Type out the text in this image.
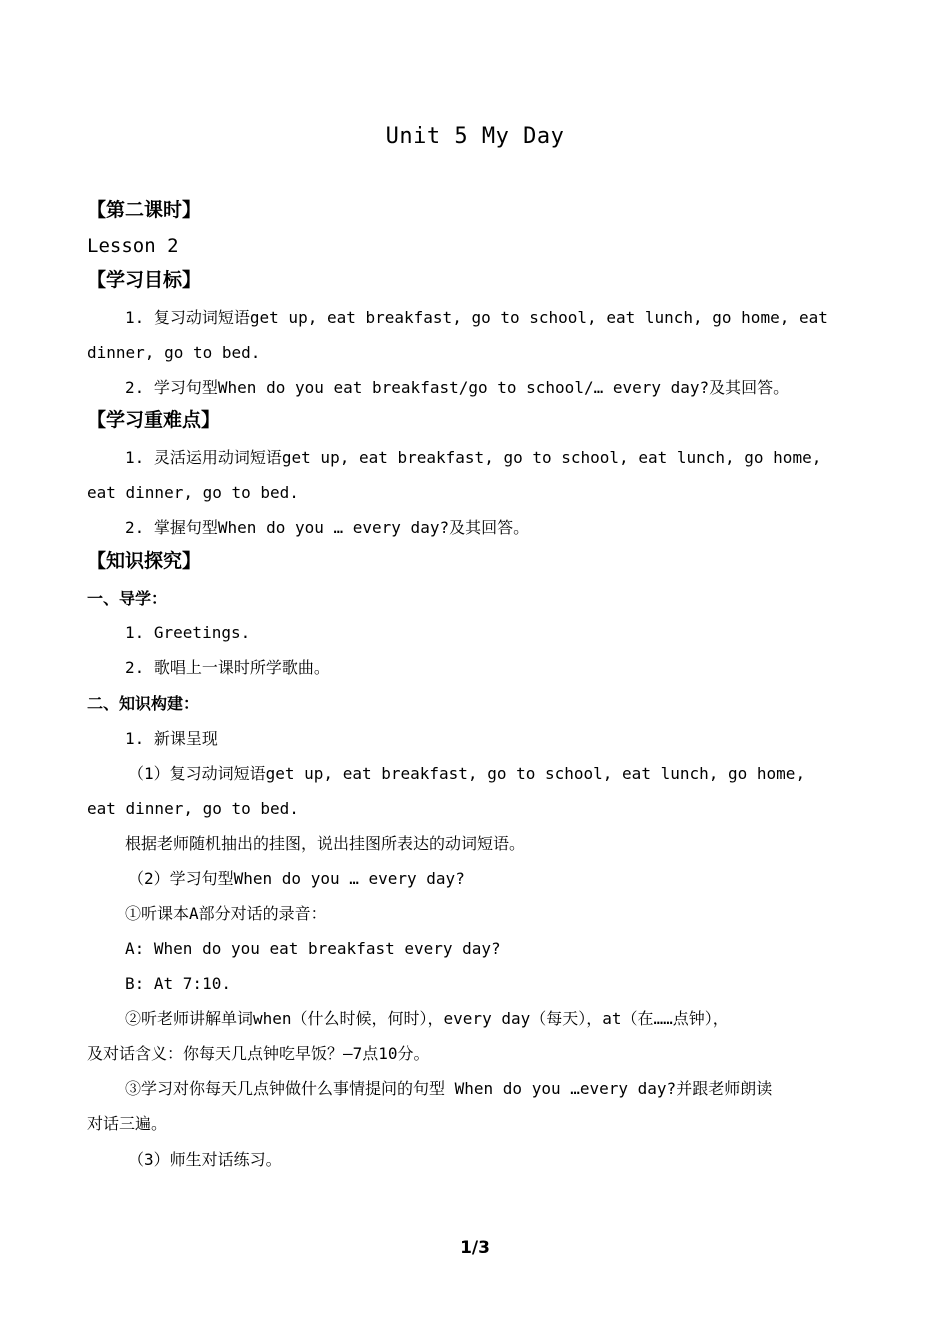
Unit 5 My Day
【第二课时】
Lesson 2
【学习目标】
1. 复习动词短语get up, eat breakfast, go to school, eat lunch, go home, eat
dinner, go to bed.
2. 学习句型When do you eat breakfast/go to school/… every day?及其回答。
【学习重难点】
1. 灵活运用动词短语get up, eat breakfast, go to school, eat lunch, go home,
eat dinner, go to bed.
2. 掌握句型When do you … every day?及其回答。
【知识探究】
一、导学：
1. Greetings.
2. 歌唱上一课时所学歌曲。
二、知识构建：
1. 新课呈现
（1）复习动词短语get up, eat breakfast, go to school, eat lunch, go home,
eat dinner, go to bed.
根据老师随机抽出的挂图，说出挂图所表达的动词短语。
（2）学习句型When do you … every day?
①听课本A部分对话的录音：
A: When do you eat breakfast every day?
B: At 7:10.
②听老师讲解单词when（什么时候，何时），every day（每天），at（在……点钟），
及对话含义：你每天几点钟吃早饭？—7点10分。
③学习对你每天几点钟做什么事情提问的句型 When do you …every day?并跟老师朗读
对话三遍。
（3）师生对话练习。
1/3
